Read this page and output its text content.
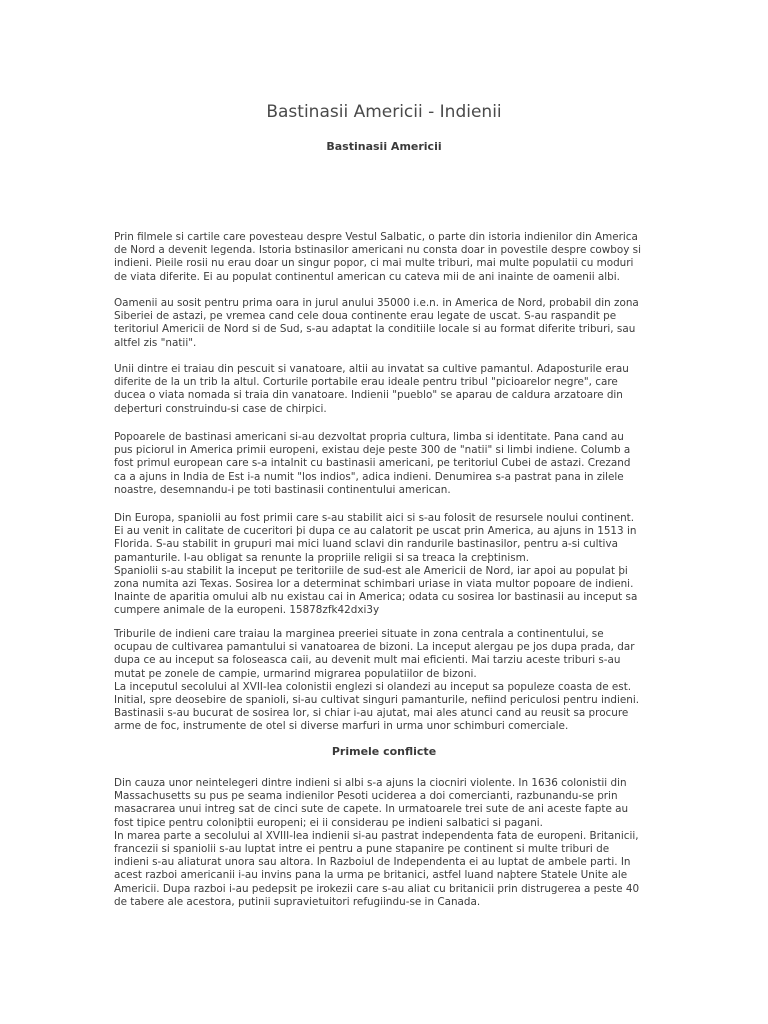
Bastinasii Americii - Indienii
Bastinasii Americii

Prin filmele si cartile care povesteau despre Vestul Salbatic, o parte din istoria indienilor din America
de Nord a devenit legenda. Istoria bstinasilor americani nu consta doar in povestile despre cowboy si
indieni. Pieile rosii nu erau doar un singur popor, ci mai multe triburi, mai multe populatii cu moduri
de viata diferite. Ei au populat continentul american cu cateva mii de ani inainte de oamenii albi.

Oamenii au sosit pentru prima oara in jurul anului 35000 i.e.n. in America de Nord, probabil din zona
Siberiei de astazi, pe vremea cand cele doua continente erau legate de uscat. S-au raspandit pe
teritoriul Americii de Nord si de Sud, s-au adaptat la conditiile locale si au format diferite triburi, sau
altfel zis "natii".

Unii dintre ei traiau din pescuit si vanatoare, altii au invatat sa cultive pamantul. Adaposturile erau
diferite de la un trib la altul. Corturile portabile erau ideale pentru tribul "picioarelor negre", care
ducea o viata nomada si traia din vanatoare. Indienii "pueblo" se aparau de caldura arzatoare din
deþerturi construindu-si case de chirpici.

Popoarele de bastinasi americani si-au dezvoltat propria cultura, limba si identitate. Pana cand au
pus piciorul in America primii europeni, existau deje peste 300 de "natii" si limbi indiene. Columb a
fost primul european care s-a intalnit cu bastinasii americani, pe teritoriul Cubei de astazi. Crezand
ca a ajuns in India de Est i-a numit "los indios", adica indieni. Denumirea s-a pastrat pana in zilele
noastre, desemnandu-i pe toti bastinasii continentului american.

Din Europa, spaniolii au fost primii care s-au stabilit aici si s-au folosit de resursele noului continent.
Ei au venit in calitate de cuceritori þi dupa ce au calatorit pe uscat prin America, au ajuns in 1513 in
Florida. S-au stabilit in grupuri mai mici luand sclavi din randurile bastinasilor, pentru a-si cultiva
pamanturile. I-au obligat sa renunte la propriile religii si sa treaca la creþtinism.
Spaniolii s-au stabilit la inceput pe teritoriile de sud-est ale Americii de Nord, iar apoi au populat þi
zona numita azi Texas. Sosirea lor a determinat schimbari uriase in viata multor popoare de indieni.
Inainte de aparitia omului alb nu existau cai in America; odata cu sosirea lor bastinasii au inceput sa
cumpere animale de la europeni. 15878zfk42dxi3y

Triburile de indieni care traiau la marginea preeriei situate in zona centrala a continentului, se
ocupau de cultivarea pamantului si vanatoarea de bizoni. La inceput alergau pe jos dupa prada, dar
dupa ce au inceput sa foloseasca caii, au devenit mult mai eficienti. Mai tarziu aceste triburi s-au
mutat pe zonele de campie, urmarind migrarea populatiilor de bizoni.
La inceputul secolului al XVII-lea colonistii englezi si olandezi au inceput sa populeze coasta de est.
Initial, spre deosebire de spanioli, si-au cultivat singuri pamanturile, nefiind periculosi pentru indieni.
Bastinasii s-au bucurat de sosirea lor, si chiar i-au ajutat, mai ales atunci cand au reusit sa procure
arme de foc, instrumente de otel si diverse marfuri in urma unor schimburi comerciale.

Primele conflicte

Din cauza unor neintelegeri dintre indieni si albi s-a ajuns la ciocniri violente. In 1636 colonistii din
Massachusetts su pus pe seama indienilor Pesoti uciderea a doi comercianti, razbunandu-se prin
masacrarea unui intreg sat de cinci sute de capete. In urmatoarele trei sute de ani aceste fapte au
fost tipice pentru coloniþtii europeni; ei ii considerau pe indieni salbatici si pagani.
In marea parte a secolului al XVIII-lea indienii si-au pastrat independenta fata de europeni. Britanicii,
francezii si spaniolii s-au luptat intre ei pentru a pune stapanire pe continent si multe triburi de
indieni s-au aliaturat unora sau altora. In Razboiul de Independenta ei au luptat de ambele parti. In
acest razboi americanii i-au invins pana la urma pe britanici, astfel luand naþtere Statele Unite ale
Americii. Dupa razboi i-au pedepsit pe irokezii care s-au aliat cu britanicii prin distrugerea a peste 40
de tabere ale acestora, putinii supravietuitori refugiindu-se in Canada.
